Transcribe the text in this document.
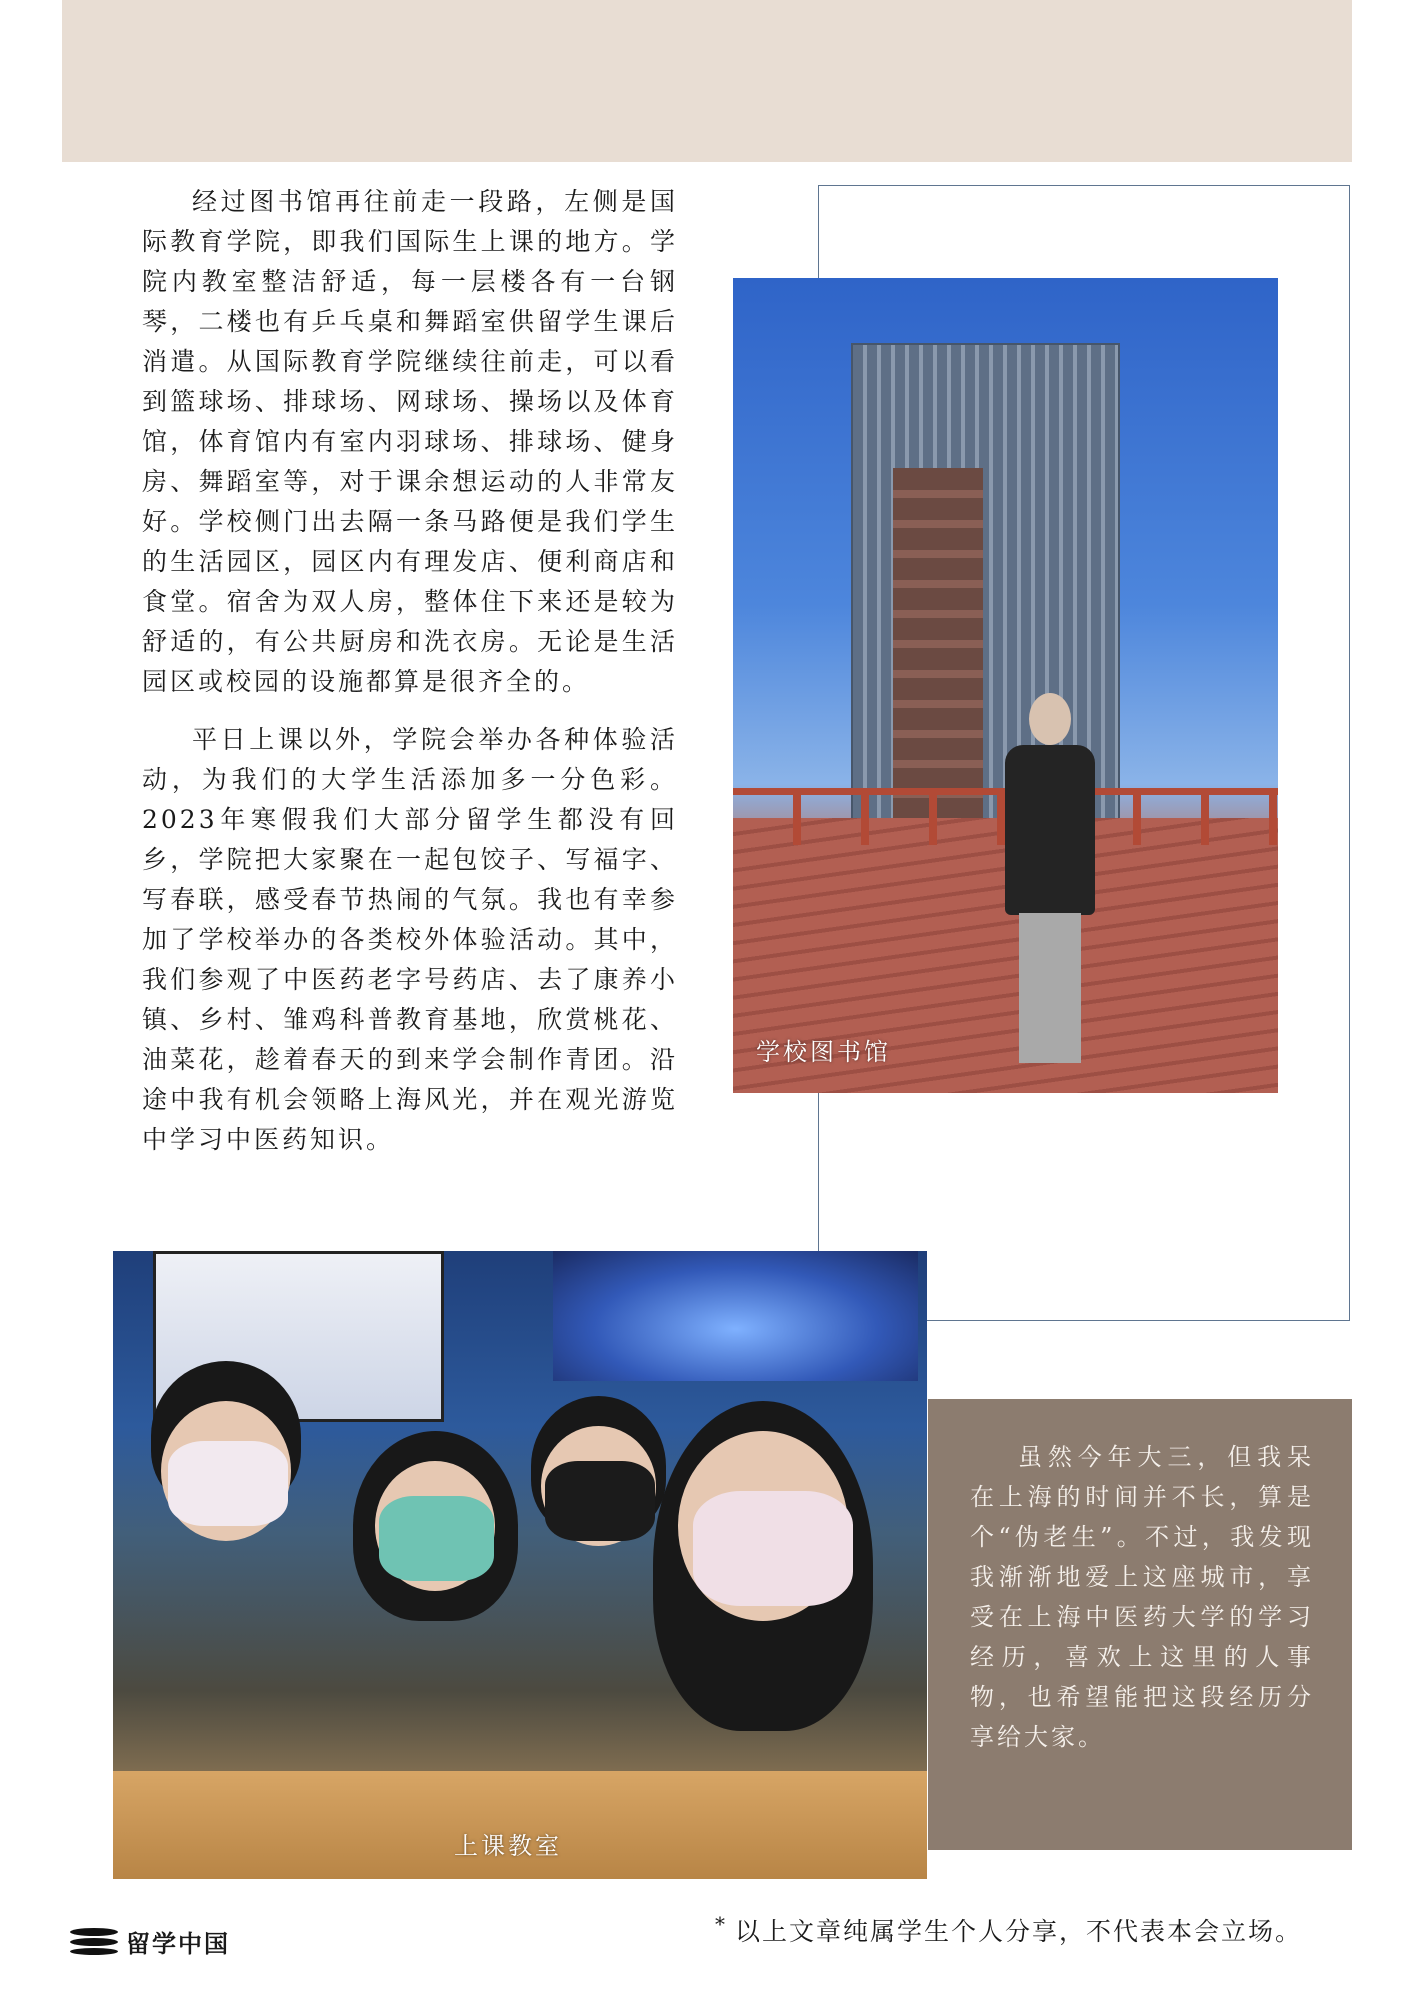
经过图书馆再往前走一段路，左侧是国际教育学院，即我们国际生上课的地方。学院内教室整洁舒适，每一层楼各有一台钢琴，二楼也有乒乓桌和舞蹈室供留学生课后消遣。从国际教育学院继续往前走，可以看到篮球场、排球场、网球场、操场以及体育馆，体育馆内有室内羽球场、排球场、健身房、舞蹈室等，对于课余想运动的人非常友好。学校侧门出去隔一条马路便是我们学生的生活园区，园区内有理发店、便利商店和食堂。宿舍为双人房，整体住下来还是较为舒适的，有公共厨房和洗衣房。无论是生活园区或校园的设施都算是很齐全的。

平日上课以外，学院会举办各种体验活动，为我们的大学生活添加多一分色彩。2023年寒假我们大部分留学生都没有回乡，学院把大家聚在一起包饺子、写福字、写春联，感受春节热闹的气氛。我也有幸参加了学校举办的各类校外体验活动。其中，我们参观了中医药老字号药店、去了康养小镇、乡村、雏鸡科普教育基地，欣赏桃花、油菜花，趁着春天的到来学会制作青团。沿途中我有机会领略上海风光，并在观光游览中学习中医药知识。

学校图书馆
上课教室
虽然今年大三，但我呆在上海的时间并不长，算是个“伪老生”。不过，我发现我渐渐地爱上这座城市，享受在上海中医药大学的学习经历，喜欢上这里的人事物，也希望能把这段经历分享给大家。
留学中国
* 以上文章纯属学生个人分享，不代表本会立场。
